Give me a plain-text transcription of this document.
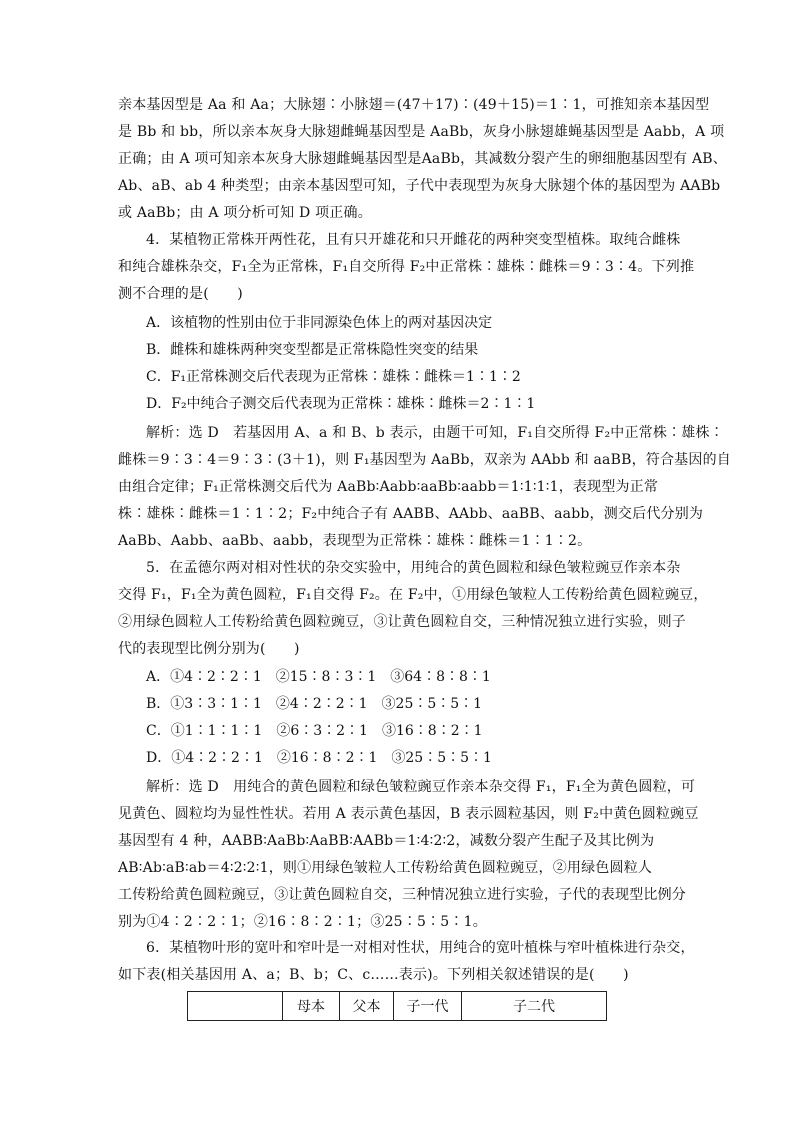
亲本基因型是 Aa 和 Aa；大脉翅∶小脉翅＝(47＋17)∶(49＋15)＝1∶1，可推知亲本基因型
是 Bb 和 bb，所以亲本灰身大脉翅雌蝇基因型是 AaBb，灰身小脉翅雄蝇基因型是 Aabb，A 项
正确；由 A 项可知亲本灰身大脉翅雌蝇基因型是AaBb，其减数分裂产生的卵细胞基因型有 AB、
Ab、aB、ab 4 种类型；由亲本基因型可知，子代中表现型为灰身大脉翅个体的基因型为 AABb
或 AaBb；由 A 项分析可知 D 项正确。
4．某植物正常株开两性花，且有只开雄花和只开雌花的两种突变型植株。取纯合雌株
和纯合雄株杂交，F₁全为正常株，F₁自交所得 F₂中正常株∶雄株∶雌株＝9∶3∶4。下列推
测不合理的是(　　)

A．该植物的性别由位于非同源染色体上的两对基因决定

B．雌株和雄株两种突变型都是正常株隐性突变的结果

C．F₁正常株测交后代表现为正常株∶雄株∶雌株＝1∶1∶2

D．F₂中纯合子测交后代表现为正常株∶雄株∶雌株＝2∶1∶1

解析：选 D　若基因用 A、a 和 B、b 表示，由题干可知，F₁自交所得 F₂中正常株∶雄株∶
雌株＝9∶3∶4＝9∶3∶(3＋1)，则 F₁基因型为 AaBb，双亲为 AAbb 和 aaBB，符合基因的自
由组合定律；F₁正常株测交后代为 AaBb∶Aabb∶aaBb∶aabb＝1∶1∶1∶1，表现型为正常
株∶雄株∶雌株＝1∶1∶2；F₂中纯合子有 AABB、AAbb、aaBB、aabb，测交后代分别为
AaBb、Aabb、aaBb、aabb，表现型为正常株∶雄株∶雌株＝1∶1∶2。
5．在孟德尔两对相对性状的杂交实验中，用纯合的黄色圆粒和绿色皱粒豌豆作亲本杂
交得 F₁，F₁全为黄色圆粒，F₁自交得 F₂。在 F₂中，①用绿色皱粒人工传粉给黄色圆粒豌豆，
②用绿色圆粒人工传粉给黄色圆粒豌豆，③让黄色圆粒自交，三种情况独立进行实验，则子
代的表现型比例分别为(　　)

A．①4∶2∶2∶1　②15∶8∶3∶1　③64∶8∶8∶1

B．①3∶3∶1∶1　②4∶2∶2∶1　③25∶5∶5∶1

C．①1∶1∶1∶1　②6∶3∶2∶1　③16∶8∶2∶1

D．①4∶2∶2∶1　②16∶8∶2∶1　③25∶5∶5∶1

解析：选 D　用纯合的黄色圆粒和绿色皱粒豌豆作亲本杂交得 F₁，F₁全为黄色圆粒，可
见黄色、圆粒均为显性性状。若用 A 表示黄色基因，B 表示圆粒基因，则 F₂中黄色圆粒豌豆
基因型有 4 种，AABB∶AaBb∶AaBB∶AABb＝1∶4∶2∶2，减数分裂产生配子及其比例为
AB∶Ab∶aB∶ab＝4∶2∶2∶1，则①用绿色皱粒人工传粉给黄色圆粒豌豆，②用绿色圆粒人
工传粉给黄色圆粒豌豆，③让黄色圆粒自交，三种情况独立进行实验，子代的表现型比例分
别为①4∶2∶2∶1；②16∶8∶2∶1；③25∶5∶5∶1。
6．某植物叶形的宽叶和窄叶是一对相对性状，用纯合的宽叶植株与窄叶植株进行杂交，
如下表(相关基因用 A、a；B、b；C、c……表示)。下列相关叙述错误的是(　　)
	母本	父本	子一代	子二代
